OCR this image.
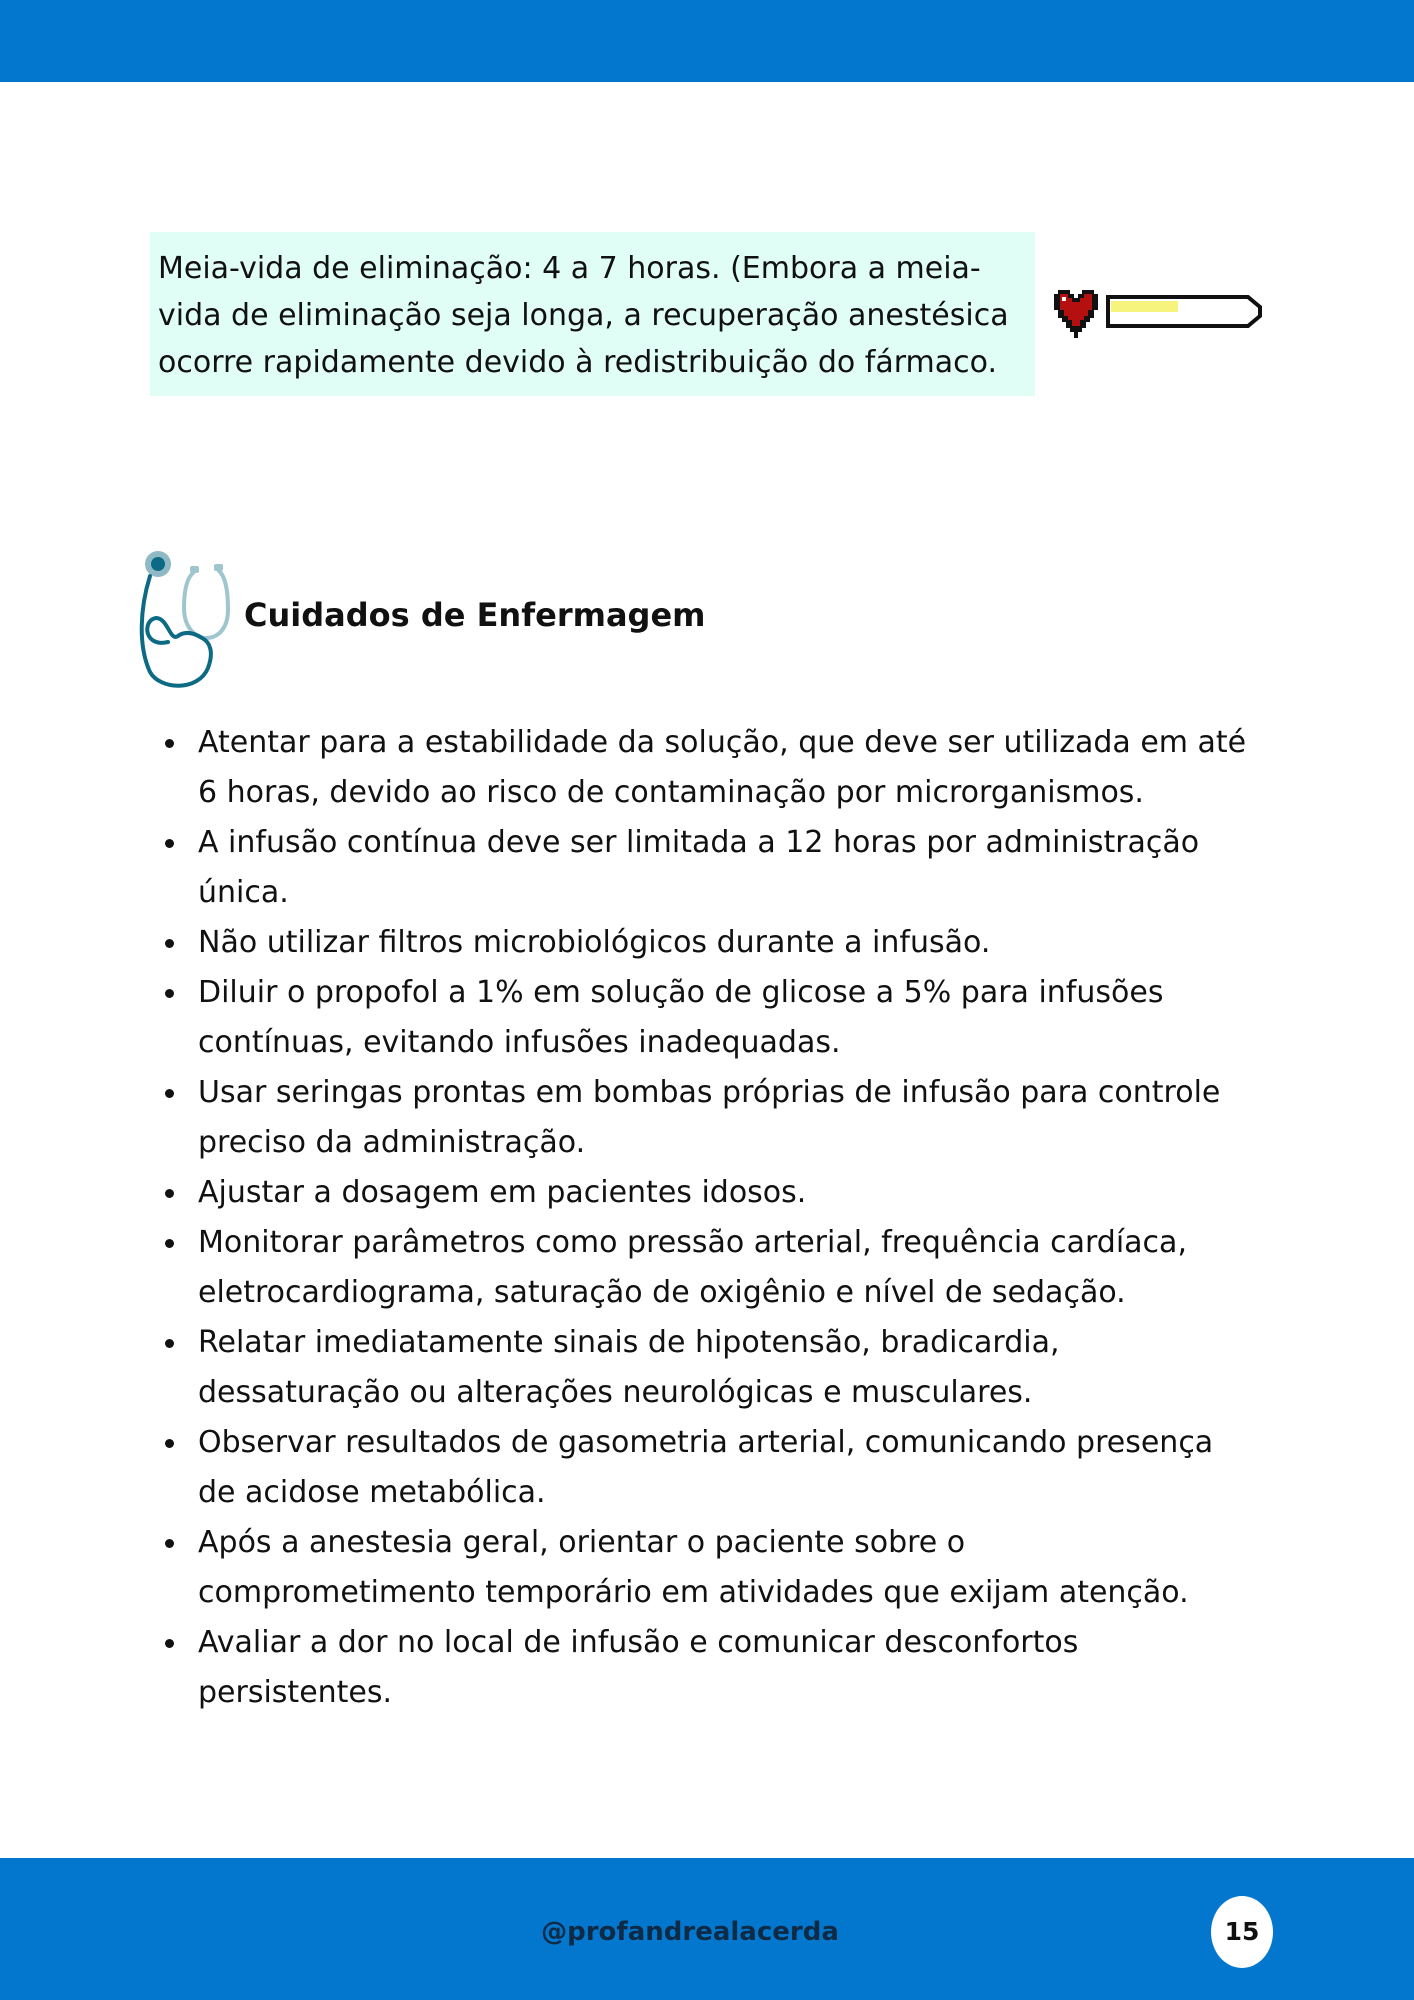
Meia-vida de eliminação: 4 a 7 horas. (Embora a meia-
vida de eliminação seja longa, a recuperação anestésica
ocorre rapidamente devido à redistribuição do fármaco.
Cuidados de Enfermagem
Atentar para a estabilidade da solução, que deve ser utilizada em até
6 horas, devido ao risco de contaminação por microrganismos.
A infusão contínua deve ser limitada a 12 horas por administração
única.
Não utilizar filtros microbiológicos durante a infusão.
Diluir o propofol a 1% em solução de glicose a 5% para infusões
contínuas, evitando infusões inadequadas.
Usar seringas prontas em bombas próprias de infusão para controle
preciso da administração.
Ajustar a dosagem em pacientes idosos.
Monitorar parâmetros como pressão arterial, frequência cardíaca,
eletrocardiograma, saturação de oxigênio e nível de sedação.
Relatar imediatamente sinais de hipotensão, bradicardia,
dessaturação ou alterações neurológicas e musculares.
Observar resultados de gasometria arterial, comunicando presença
de acidose metabólica.
Após a anestesia geral, orientar o paciente sobre o
comprometimento temporário em atividades que exijam atenção.
Avaliar a dor no local de infusão e comunicar desconfortos
persistentes.
@profandrealacerda	15
